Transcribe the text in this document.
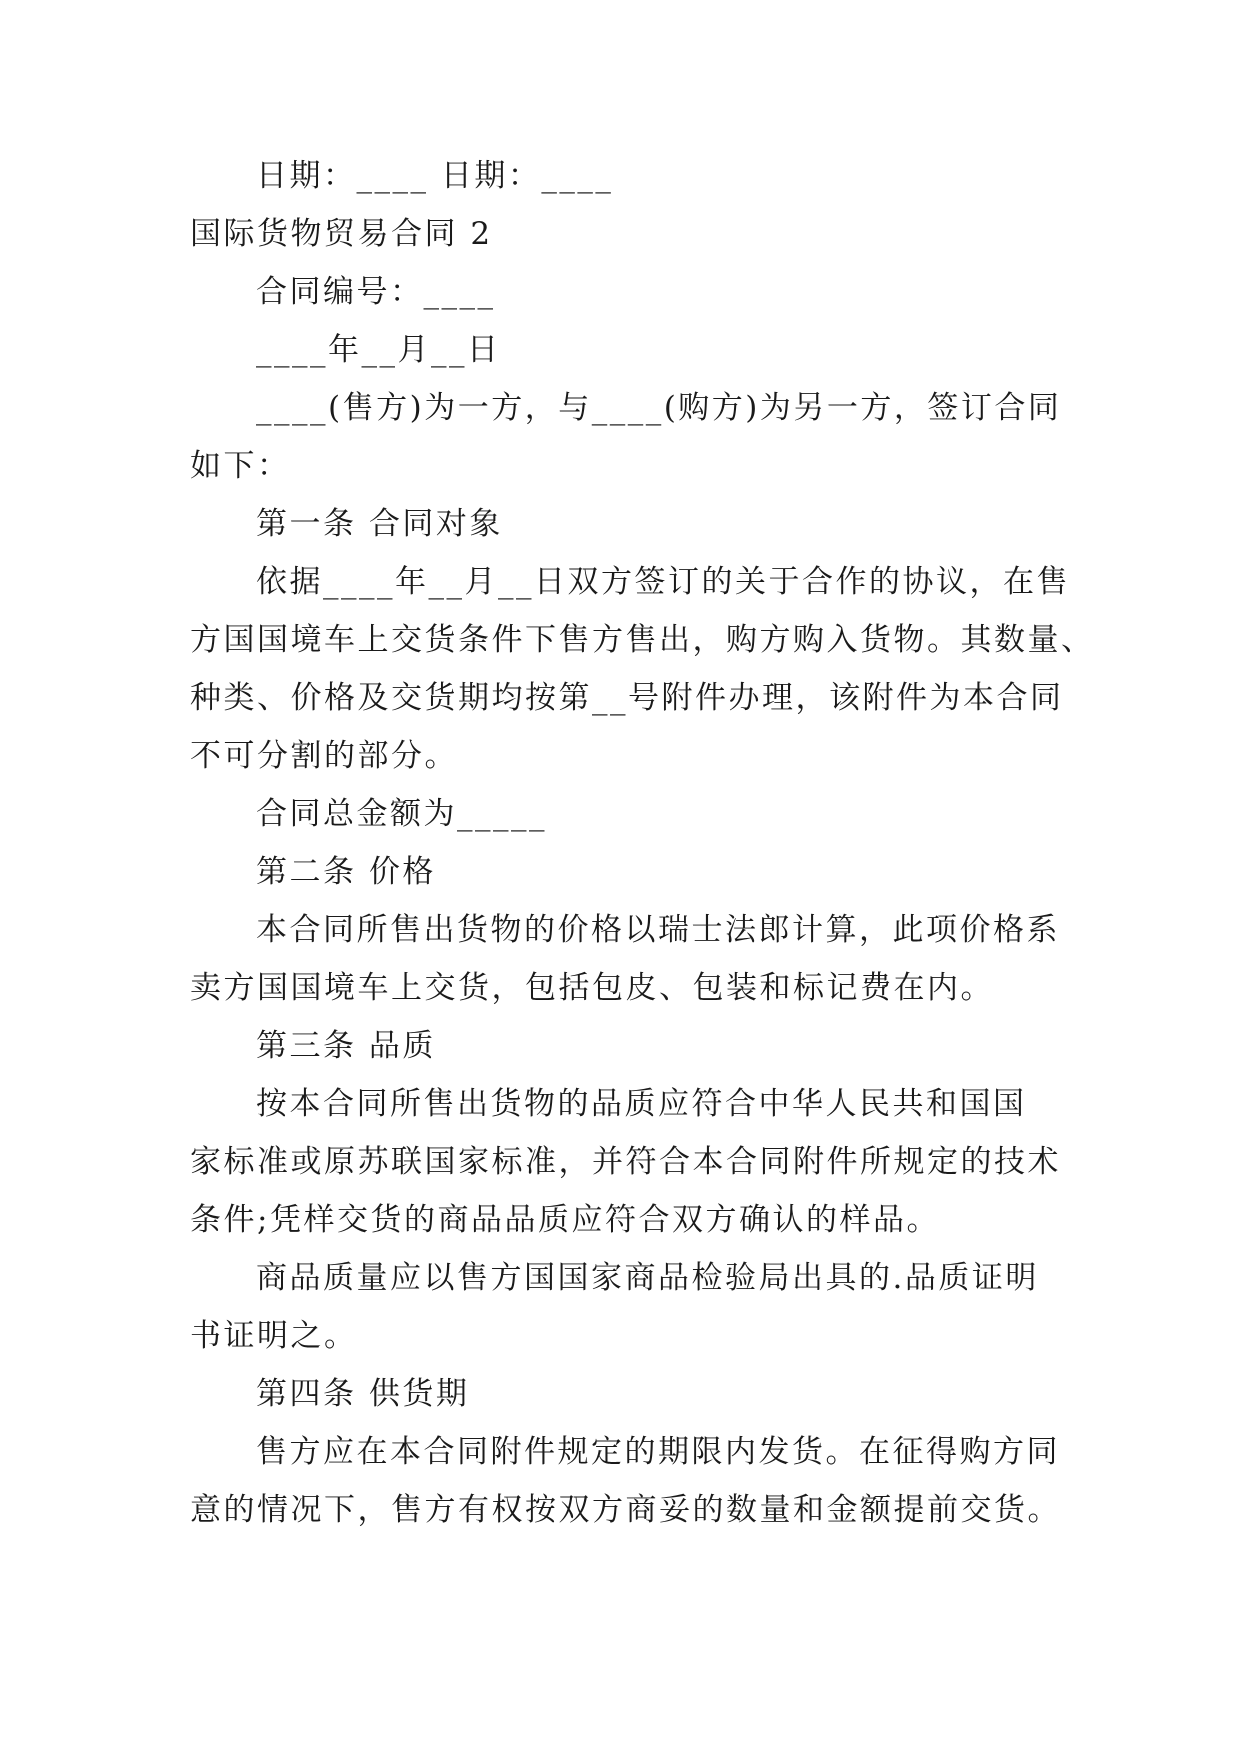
日期：____ 日期：____
国际货物贸易合同 2
合同编号：____
____年__月__日
____(售方)为一方，与____(购方)为另一方，签订合同
如下：
第一条 合同对象
依据____年__月__日双方签订的关于合作的协议，在售
方国国境车上交货条件下售方售出，购方购入货物。其数量、
种类、价格及交货期均按第__号附件办理，该附件为本合同
不可分割的部分。
合同总金额为_____
第二条 价格
本合同所售出货物的价格以瑞士法郎计算，此项价格系
卖方国国境车上交货，包括包皮、包装和标记费在内。
第三条 品质
按本合同所售出货物的品质应符合中华人民共和国国
家标准或原苏联国家标准，并符合本合同附件所规定的技术
条件;凭样交货的商品品质应符合双方确认的样品。
商品质量应以售方国国家商品检验局出具的.品质证明
书证明之。
第四条 供货期
售方应在本合同附件规定的期限内发货。在征得购方同
意的情况下，售方有权按双方商妥的数量和金额提前交货。
